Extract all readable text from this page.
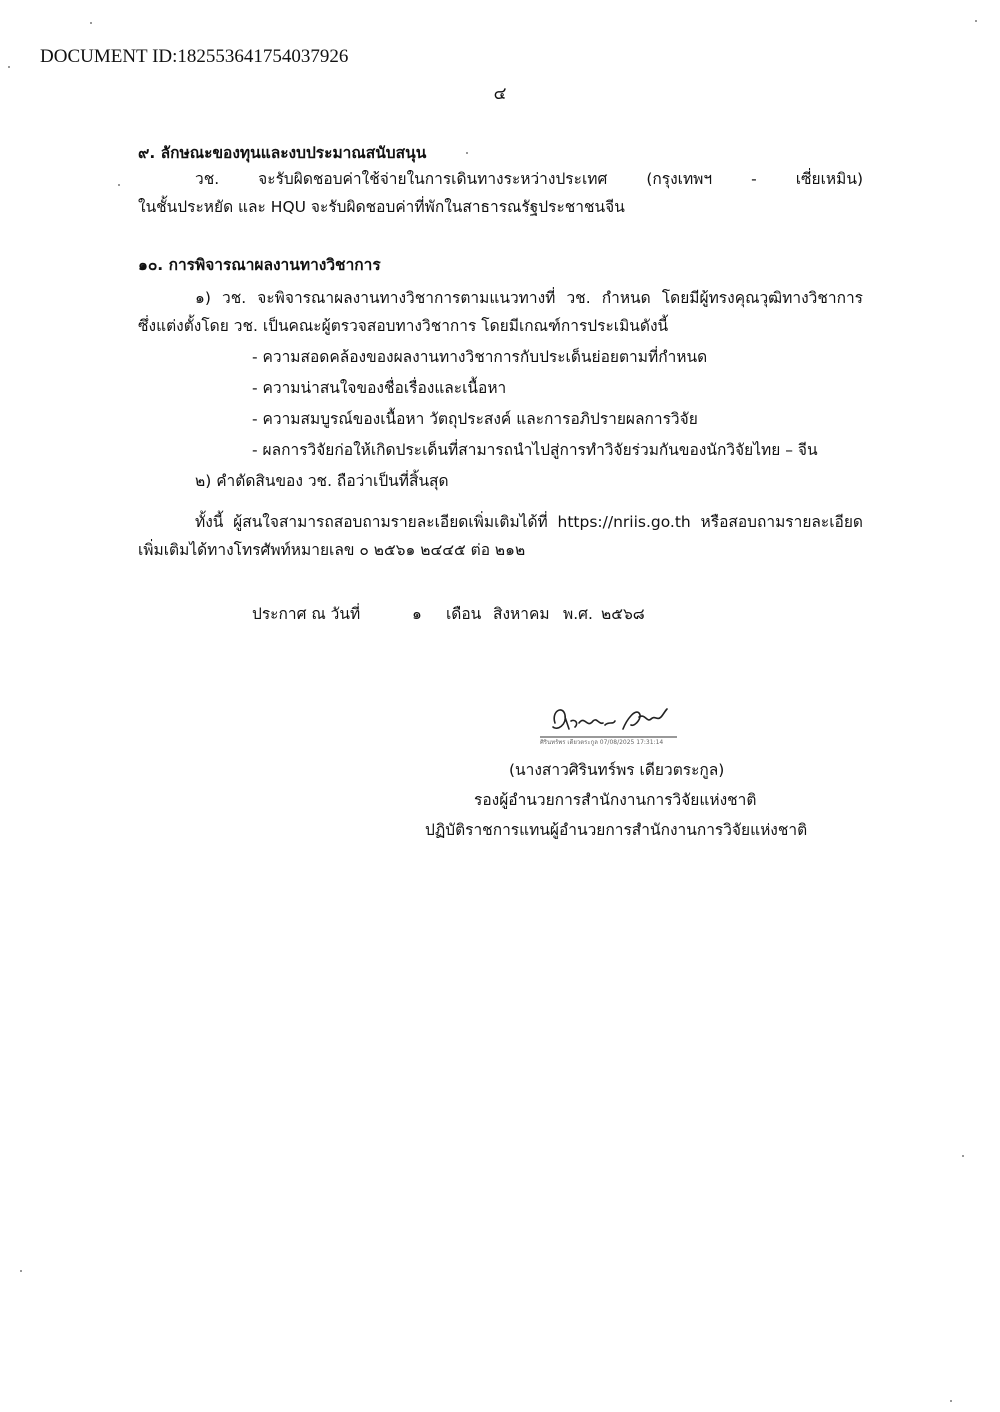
DOCUMENT ID:182553641754037926
๔
๙. ลักษณะของทุนและงบประมาณสนับสนุน
วช. จะรับผิดชอบค่าใช้จ่ายในการเดินทางระหว่างประเทศ (กรุงเทพฯ - เซี่ยเหมิน)
ในชั้นประหยัด และ HQU จะรับผิดชอบค่าที่พักในสาธารณรัฐประชาชนจีน
๑๐. การพิจารณาผลงานทางวิชาการ
๑) วช. จะพิจารณาผลงานทางวิชาการตามแนวทางที่ วช. กำหนด โดยมีผู้ทรงคุณวุฒิทางวิชาการ
ซึ่งแต่งตั้งโดย วช. เป็นคณะผู้ตรวจสอบทางวิชาการ โดยมีเกณฑ์การประเมินดังนี้
- ความสอดคล้องของผลงานทางวิชาการกับประเด็นย่อยตามที่กำหนด
- ความน่าสนใจของชื่อเรื่องและเนื้อหา
- ความสมบูรณ์ของเนื้อหา วัตถุประสงค์ และการอภิปรายผลการวิจัย
- ผลการวิจัยก่อให้เกิดประเด็นที่สามารถนำไปสู่การทำวิจัยร่วมกันของนักวิจัยไทย – จีน
๒) คำตัดสินของ วช. ถือว่าเป็นที่สิ้นสุด
ทั้งนี้ ผู้สนใจสามารถสอบถามรายละเอียดเพิ่มเติมได้ที่ https://nriis.go.th หรือสอบถามรายละเอียด
เพิ่มเติมได้ทางโทรศัพท์หมายเลข ๐ ๒๕๖๑ ๒๔๔๕ ต่อ ๒๑๒
ประกาศ ณ วันที่	๑ เดือน สิงหาคม พ.ศ. ๒๕๖๘
ศิรินทร์พร เดียวตระกูล 07/08/2025 17:31:14
(นางสาวศิรินทร์พร เดียวตระกูล)
รองผู้อำนวยการสำนักงานการวิจัยแห่งชาติ
ปฏิบัติราชการแทนผู้อำนวยการสำนักงานการวิจัยแห่งชาติ
